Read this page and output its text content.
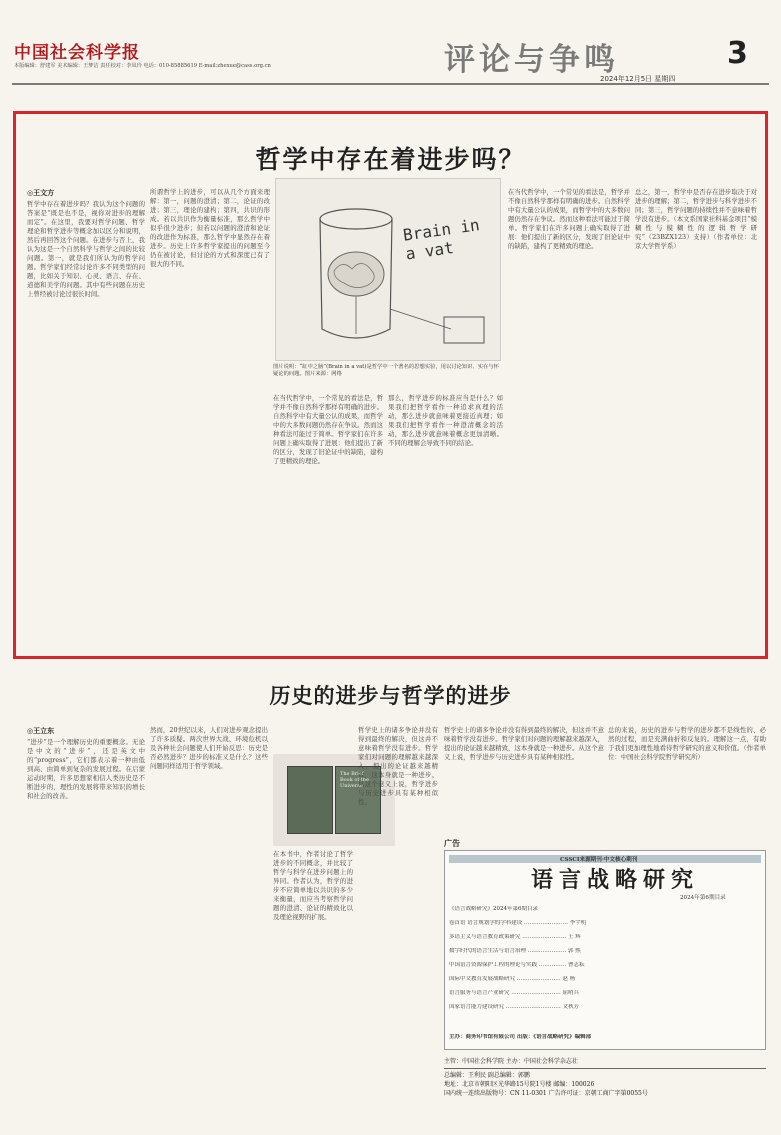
中国社会科学报
本版编辑：舒建军 美术编辑：王梦洁 责任校对：李凤玲 电话：010-85885619 E-mail:zhexue@cass.org.cn	评论与争鸣	3
2024年12月5日 星期四
哲学中存在着进步吗？
◎王文方
哲学中存在着进步吗？我认为这个问题的答案是“既是也不是，视你对进步的理解而定”。在这里，我要对哲学问题、哲学理论和哲学进步等概念加以区分和说明，然后再回答这个问题。在进步与否上，我认为这是一个自然科学与哲学之间的比较问题。第一，就是我们所认为的哲学问题。哲学家们经常讨论许多不同类型的问题，比如关于知识、心灵、语言、存在、道德和美学的问题。其中有些问题在历史上曾经被讨论过很长时间。
所谓哲学上的进步，可以从几个方面来理解：第一，问题的澄清；第二，论证的改进；第三，理论的建构；第四，共识的形成。若以共识作为衡量标准，那么哲学中似乎很少进步；但若以问题的澄清和论证的改进作为标准，那么哲学中显然存在着进步。历史上许多哲学家提出的问题至今仍在被讨论，但讨论的方式和深度已有了很大的不同。
Brain in a vat
图片说明：“缸中之脑”(Brain in a vat)是哲学中一个著名的思想实验，用以讨论知识、实在与怀疑论的问题。图片来源：网络
在当代哲学中，一个常见的看法是，哲学并不像自然科学那样有明确的进步。自然科学中有大量公认的成果，而哲学中的大多数问题仍然存在争议。然而这种看法可能过于简单。哲学家们在许多问题上确实取得了进展：他们提出了新的区分，发现了旧论证中的缺陷，建构了更精致的理论。
那么，哲学进步的标准应当是什么？如果我们把哲学看作一种追求真理的活动，那么进步就意味着更接近真理；如果我们把哲学看作一种澄清概念的活动，那么进步就意味着概念更加清晰。不同的理解会导致不同的结论。
在当代哲学中，一个常见的看法是，哲学并不像自然科学那样有明确的进步。自然科学中有大量公认的成果，而哲学中的大多数问题仍然存在争议。然而这种看法可能过于简单。哲学家们在许多问题上确实取得了进展：他们提出了新的区分，发现了旧论证中的缺陷，建构了更精致的理论。
总之，第一，哲学中是否存在进步取决于对进步的理解；第二，哲学进步与科学进步不同；第三，哲学问题的持续性并不意味着哲学没有进步。（本文系国家社科基金项目“模糊性与模糊性的逻辑哲学研究”（23BZX123）支持）（作者单位：北京大学哲学系）
历史的进步与哲学的进步
◎王立东
“进步”是一个理解历史的重要概念。无论是中文的“进步”，还是英文中的“progress”，它们都表示着一种由低到高、由简单到复杂的发展过程。在启蒙运动时期，许多思想家相信人类历史是不断进步的，理性的发展将带来知识的增长和社会的改善。
然而，20世纪以来，人们对进步观念提出了许多质疑。两次世界大战、环境危机以及各种社会问题使人们开始反思：历史是否必然进步？进步的标准又是什么？这些问题同样适用于哲学领域。
The Brief Book of the Universe
在本书中，作者讨论了哲学进步的不同概念，并比较了哲学与科学在进步问题上的异同。作者认为，哲学的进步不应简单地以共识的多少来衡量，而应当考察哲学问题的澄清、论证的精致化以及理论视野的扩展。
哲学史上的诸多争论并没有得到最终的解决，但这并不意味着哲学没有进步。哲学家们对问题的理解越来越深入，提出的论证越来越精致，这本身就是一种进步。从这个意义上说，哲学进步与历史进步具有某种相似性。
哲学史上的诸多争论并没有得到最终的解决，但这并不意味着哲学没有进步。哲学家们对问题的理解越来越深入，提出的论证越来越精致，这本身就是一种进步。从这个意义上说，哲学进步与历史进步具有某种相似性。
总的来说，历史的进步与哲学的进步都不是线性的、必然的过程，而是充满曲折和反复的。理解这一点，有助于我们更加理性地看待哲学研究的意义和价值。（作者单位：中国社会科学院哲学研究所）
广告
CSSCI来源期刊·中文核心期刊
语言战略研究
2024年第6期目录
《语言战略研究》2024年第6期目录
卷首语 语言规划学的学科建设 …………………… 李宇明
多语主义与语言教育政策研究 …………………… 王 辉
数字时代的语言生活与语言治理 ………………… 郭 熙
中国语言资源保护工程的理论与实践 …………… 曹志耘
国际中文教育发展战略研究 …………………… 赵 杨
语言服务与语言产业研究 ……………………… 屈哨兵
国家语言能力建设研究 ………………………… 文秋芳
主办：商务印书馆有限公司 出版：《语言战略研究》编辑部
主管：中国社会科学院 主办：中国社会科学杂志社
总编辑：王利民 副总编辑：郭鹏
地址：北京市朝阳区光华路15号院1号楼 邮编：100026
国内统一连续出版物号：CN 11-0301 广告许可证：京朝工商广字第0055号
